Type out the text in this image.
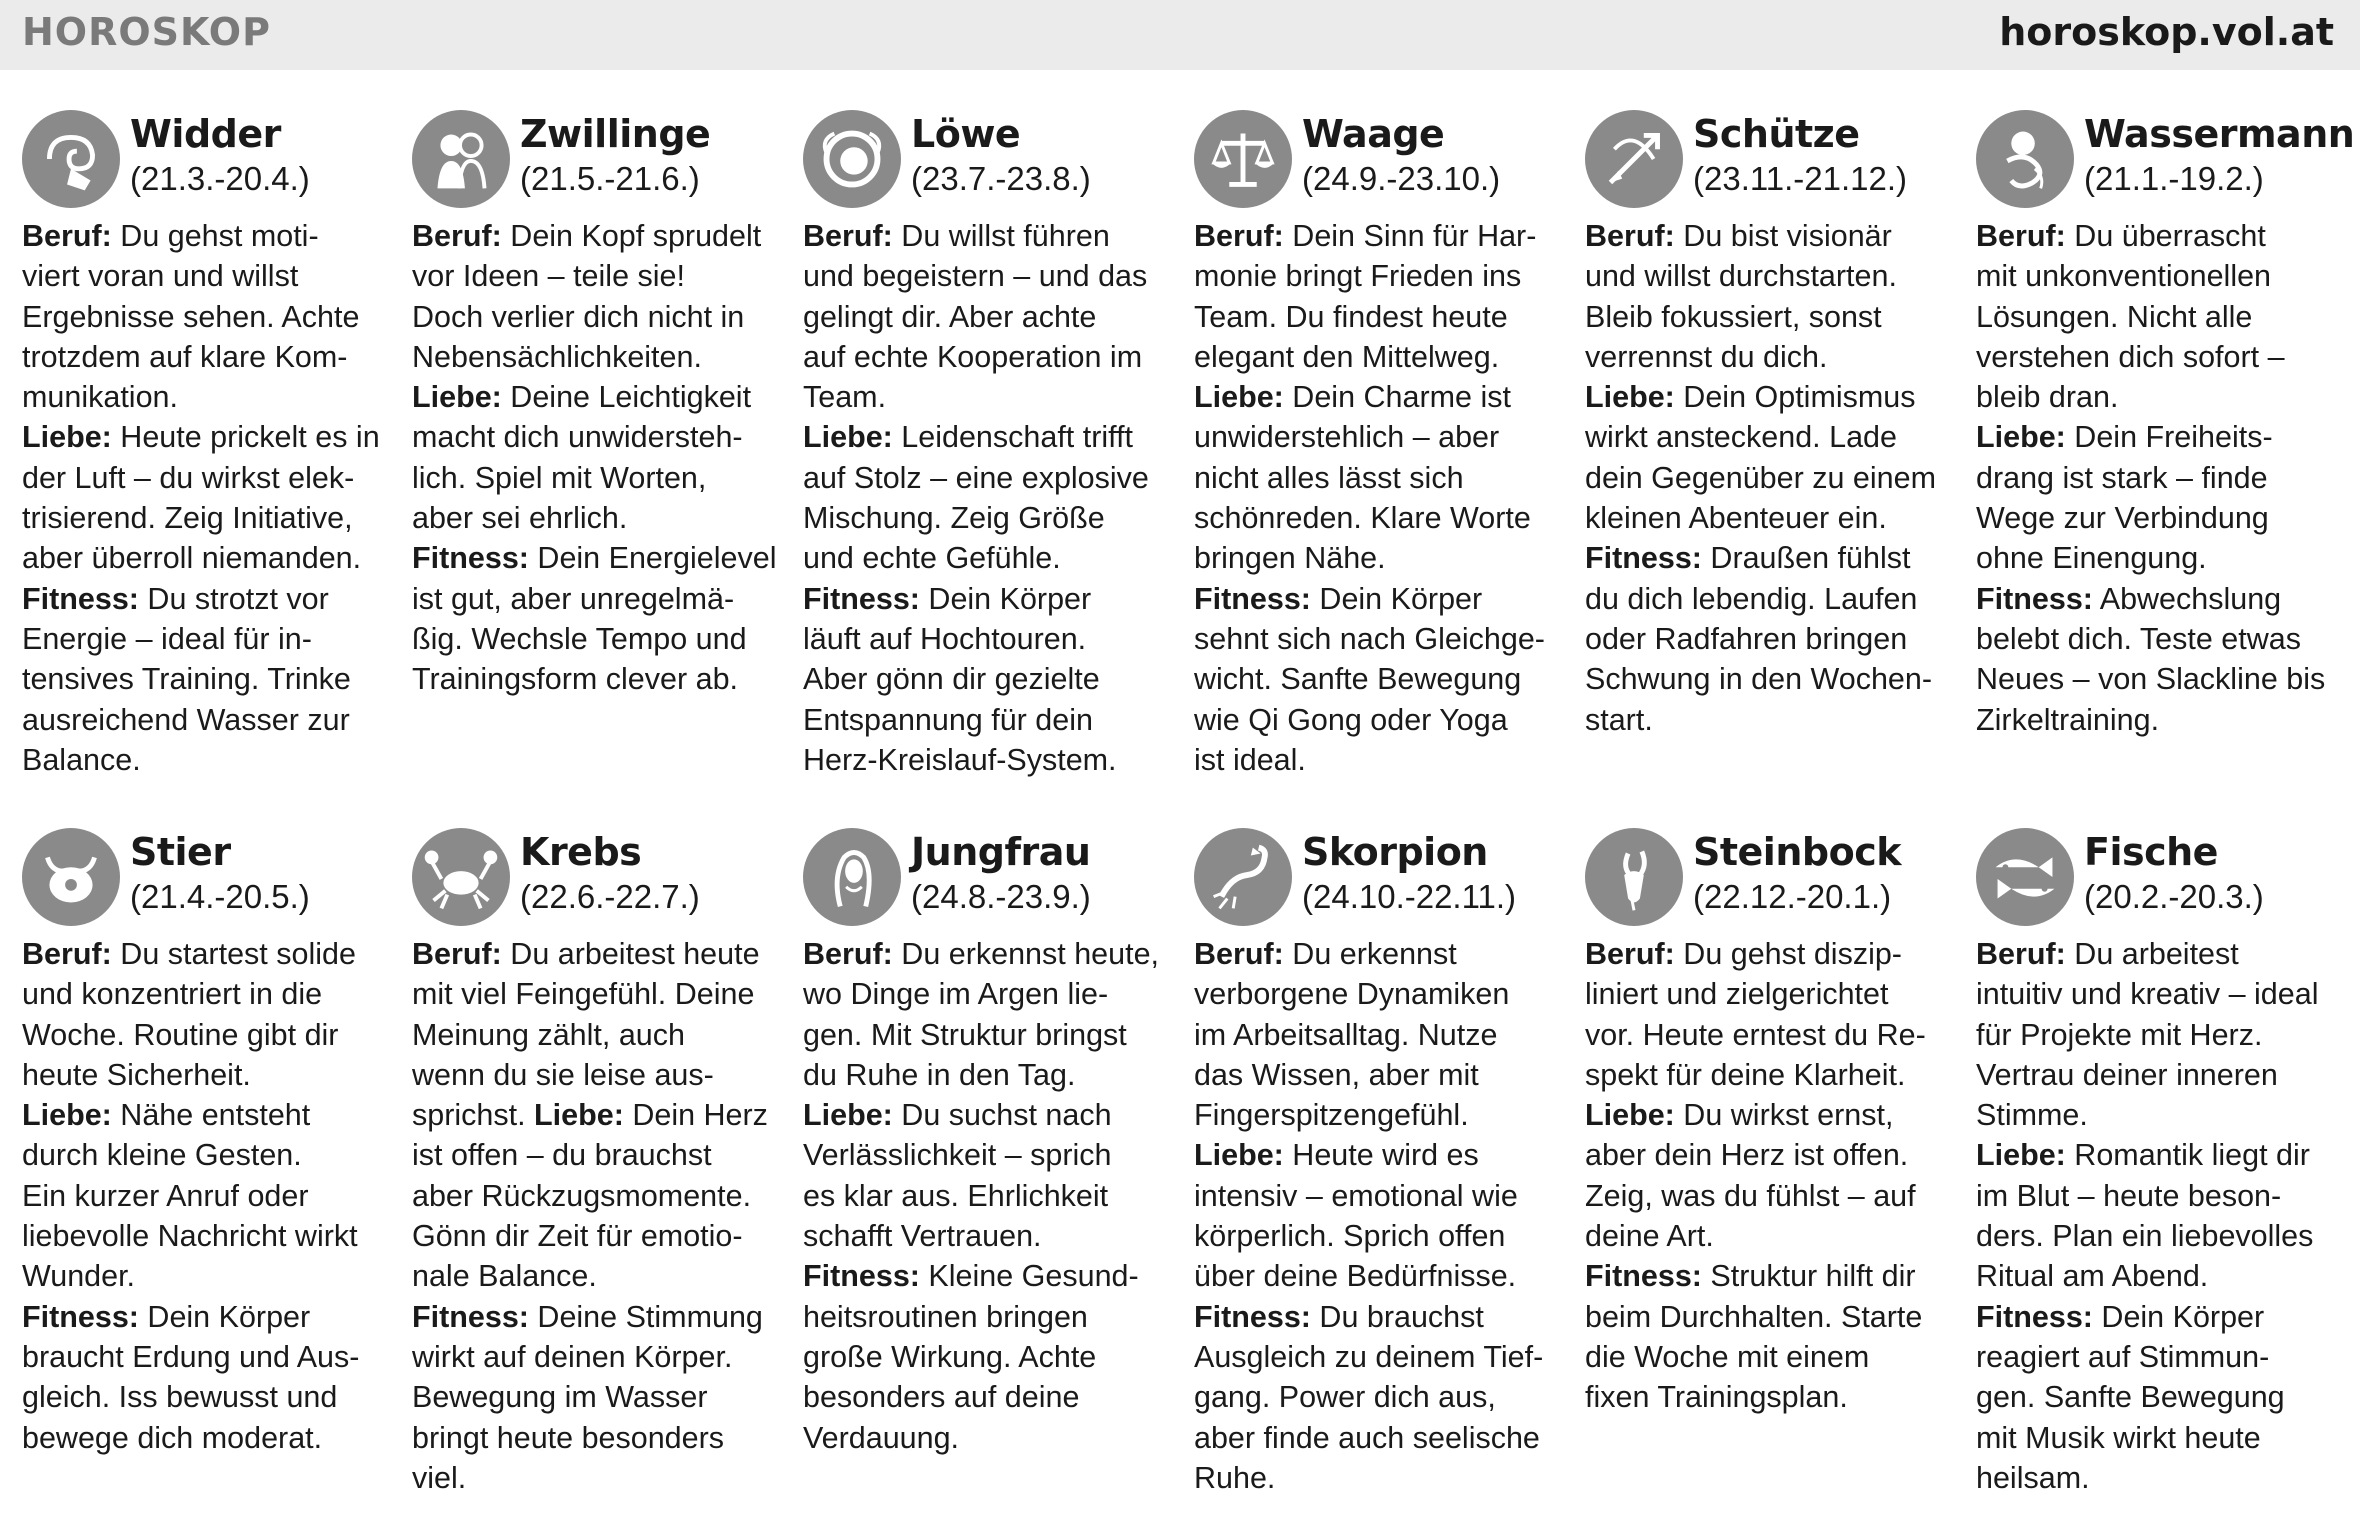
HOROSKOP	horoskop.vol.at
Widder
(21.3.-20.4.)
Beruf: Du gehst moti-
viert voran und willst
Ergebnisse sehen. Achte
trotzdem auf klare Kom-
munikation.
Liebe: Heute prickelt es in
der Luft – du wirkst elek-
trisierend. Zeig Initiative,
aber überroll niemanden.
Fitness: Du strotzt vor
Energie – ideal für in-
tensives Training. Trinke
ausreichend Wasser zur
Balance.
Zwillinge
(21.5.-21.6.)
Beruf: Dein Kopf sprudelt
vor Ideen – teile sie!
Doch verlier dich nicht in
Nebensächlichkeiten.
Liebe: Deine Leichtigkeit
macht dich unwidersteh-
lich. Spiel mit Worten,
aber sei ehrlich.
Fitness: Dein Energielevel
ist gut, aber unregelmä-
ßig. Wechsle Tempo und
Trainingsform clever ab.
Löwe
(23.7.-23.8.)
Beruf: Du willst führen
und begeistern – und das
gelingt dir. Aber achte
auf echte Kooperation im
Team.
Liebe: Leidenschaft trifft
auf Stolz – eine explosive
Mischung. Zeig Größe
und echte Gefühle.
Fitness: Dein Körper
läuft auf Hochtouren.
Aber gönn dir gezielte
Entspannung für dein
Herz-Kreislauf-System.
Waage
(24.9.-23.10.)
Beruf: Dein Sinn für Har-
monie bringt Frieden ins
Team. Du findest heute
elegant den Mittelweg.
Liebe: Dein Charme ist
unwiderstehlich – aber
nicht alles lässt sich
schönreden. Klare Worte
bringen Nähe.
Fitness: Dein Körper
sehnt sich nach Gleichge-
wicht. Sanfte Bewegung
wie Qi Gong oder Yoga
ist ideal.
Schütze
(23.11.-21.12.)
Beruf: Du bist visionär
und willst durchstarten.
Bleib fokussiert, sonst
verrennst du dich.
Liebe: Dein Optimismus
wirkt ansteckend. Lade
dein Gegenüber zu einem
kleinen Abenteuer ein.
Fitness: Draußen fühlst
du dich lebendig. Laufen
oder Radfahren bringen
Schwung in den Wochen-
start.
Wassermann
(21.1.-19.2.)
Beruf: Du überrascht
mit unkonventionellen
Lösungen. Nicht alle
verstehen dich sofort –
bleib dran.
Liebe: Dein Freiheits-
drang ist stark – finde
Wege zur Verbindung
ohne Einengung.
Fitness: Abwechslung
belebt dich. Teste etwas
Neues – von Slackline bis
Zirkeltraining.
Stier
(21.4.-20.5.)
Beruf: Du startest solide
und konzentriert in die
Woche. Routine gibt dir
heute Sicherheit.
Liebe: Nähe entsteht
durch kleine Gesten.
Ein kurzer Anruf oder
liebevolle Nachricht wirkt
Wunder.
Fitness: Dein Körper
braucht Erdung und Aus-
gleich. Iss bewusst und
bewege dich moderat.
Krebs
(22.6.-22.7.)
Beruf: Du arbeitest heute
mit viel Feingefühl. Deine
Meinung zählt, auch
wenn du sie leise aus-
sprichst. Liebe: Dein Herz
ist offen – du brauchst
aber Rückzugsmomente.
Gönn dir Zeit für emotio-
nale Balance.
Fitness: Deine Stimmung
wirkt auf deinen Körper.
Bewegung im Wasser
bringt heute besonders
viel.
Jungfrau
(24.8.-23.9.)
Beruf: Du erkennst heute,
wo Dinge im Argen lie-
gen. Mit Struktur bringst
du Ruhe in den Tag.
Liebe: Du suchst nach
Verlässlichkeit – sprich
es klar aus. Ehrlichkeit
schafft Vertrauen.
Fitness: Kleine Gesund-
heitsroutinen bringen
große Wirkung. Achte
besonders auf deine
Verdauung.
Skorpion
(24.10.-22.11.)
Beruf: Du erkennst
verborgene Dynamiken
im Arbeitsalltag. Nutze
das Wissen, aber mit
Fingerspitzengefühl.
Liebe: Heute wird es
intensiv – emotional wie
körperlich. Sprich offen
über deine Bedürfnisse.
Fitness: Du brauchst
Ausgleich zu deinem Tief-
gang. Power dich aus,
aber finde auch seelische
Ruhe.
Steinbock
(22.12.-20.1.)
Beruf: Du gehst diszip-
liniert und zielgerichtet
vor. Heute erntest du Re-
spekt für deine Klarheit.
Liebe: Du wirkst ernst,
aber dein Herz ist offen.
Zeig, was du fühlst – auf
deine Art.
Fitness: Struktur hilft dir
beim Durchhalten. Starte
die Woche mit einem
fixen Trainingsplan.
Fische
(20.2.-20.3.)
Beruf: Du arbeitest
intuitiv und kreativ – ideal
für Projekte mit Herz.
Vertrau deiner inneren
Stimme.
Liebe: Romantik liegt dir
im Blut – heute beson-
ders. Plan ein liebevolles
Ritual am Abend.
Fitness: Dein Körper
reagiert auf Stimmun-
gen. Sanfte Bewegung
mit Musik wirkt heute
heilsam.
